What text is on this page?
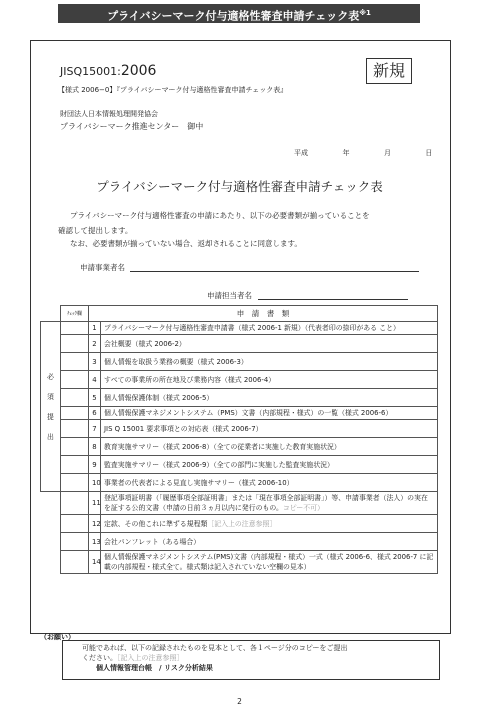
プライバシーマーク付与適格性審査申請チェック表$^{※1}$
JISQ15001:2006	新規
【様式 2006−0】『プライバシーマーク付与適格性審査申請チェック表』
財団法人日本情報処理開発協会
プライバシーマーク推進センター　御中
平成	年	月	日
プライバシーマーク付与適格性審査申請チェック表
プライバシーマーク付与適格性審査の申請にあたり、以下の必要書類が揃っていることを
確認して提出します。
なお、必要書類が揃っていない場合、返却されることに同意します。
申請事業者名
申請担当者名
	ﾁｪｯｸ欄	申　請　書　類	
必

須

提

出		1	プライバシーマーク付与適格性審査申請書（様式 2006-1 新規）（代表者印の捺印がある こと）
		2	会社概要（様式 2006-2）
		3	個人情報を取扱う業務の概要（様式 2006-3）
		4	すべての事業所の所在地及び業務内容（様式 2006-4）
		5	個人情報保護体制（様式 2006-5）
		6	個人情報保護マネジメントシステム（PMS）文書（内部規程・様式）の一覧（様式 2006-6）
		7	JIS Q 15001 要求事項との対応表（様式 2006-7）
		8	教育実施サマリー（様式 2006-8）（全ての従業者に実施した教育実施状況）
		9	監査実施サマリー（様式 2006-9）（全ての部門に実施した監査実施状況）
		10	事業者の代表者による見直し実施サマリー（様式 2006-10）
		11	登記事項証明書（「履歴事項全部証明書」または「現在事項全部証明書」）等、申請事業者（法人）の実在を証する公的文書（申請の日前３ヵ月以内に発行のもの。コピー不可）
		12	定款、その他これに準ずる規程類［記入上の注意参照］
		13	会社パンフレット（ある場合）
		14	個人情報保護マネジメントシステム(PMS)文書（内部規程・様式）一式（様式 2006-6、様式 2006-7 に記載の内部規程・様式全て。様式類は記入されていない空欄の見本）
（お願い）
可能であれば、以下の記録されたものを見本として、各１ページ分のコピーをご提出
ください。［記入上の注意参照］
個人情報管理台帳　/ リスク分析結果
2
